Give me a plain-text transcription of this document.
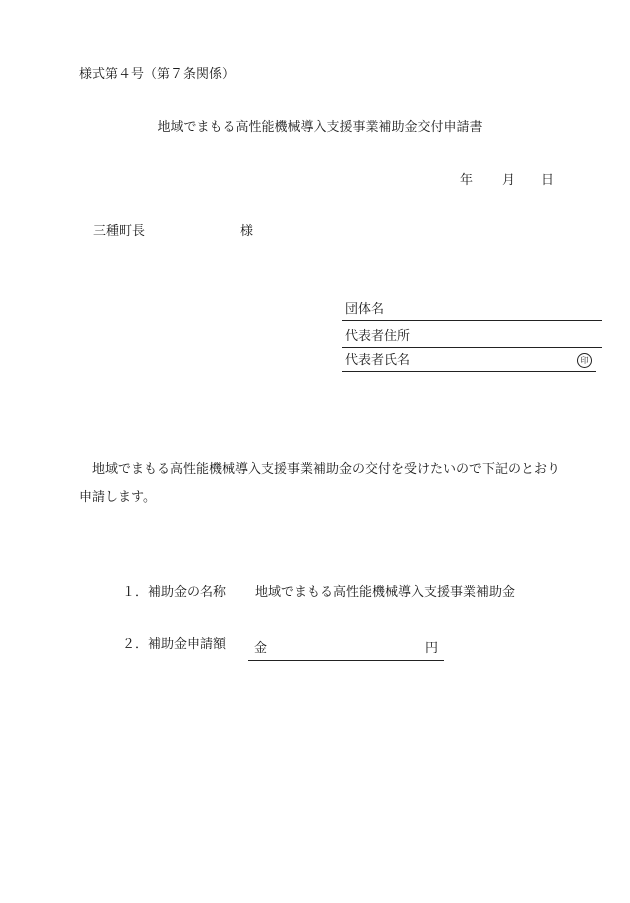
様式第４号（第７条関係）
地域でまもる高性能機械導入支援事業補助金交付申請書
年 月 日
三種町長	様
団体名
代表者住所
代表者氏名	印
地域でまもる高性能機械導入支援事業補助金の交付を受けたいので下記のとおり申請します。
１．補助金の名称 地域でまもる高性能機械導入支援事業補助金
２．補助金申請額 金	円
